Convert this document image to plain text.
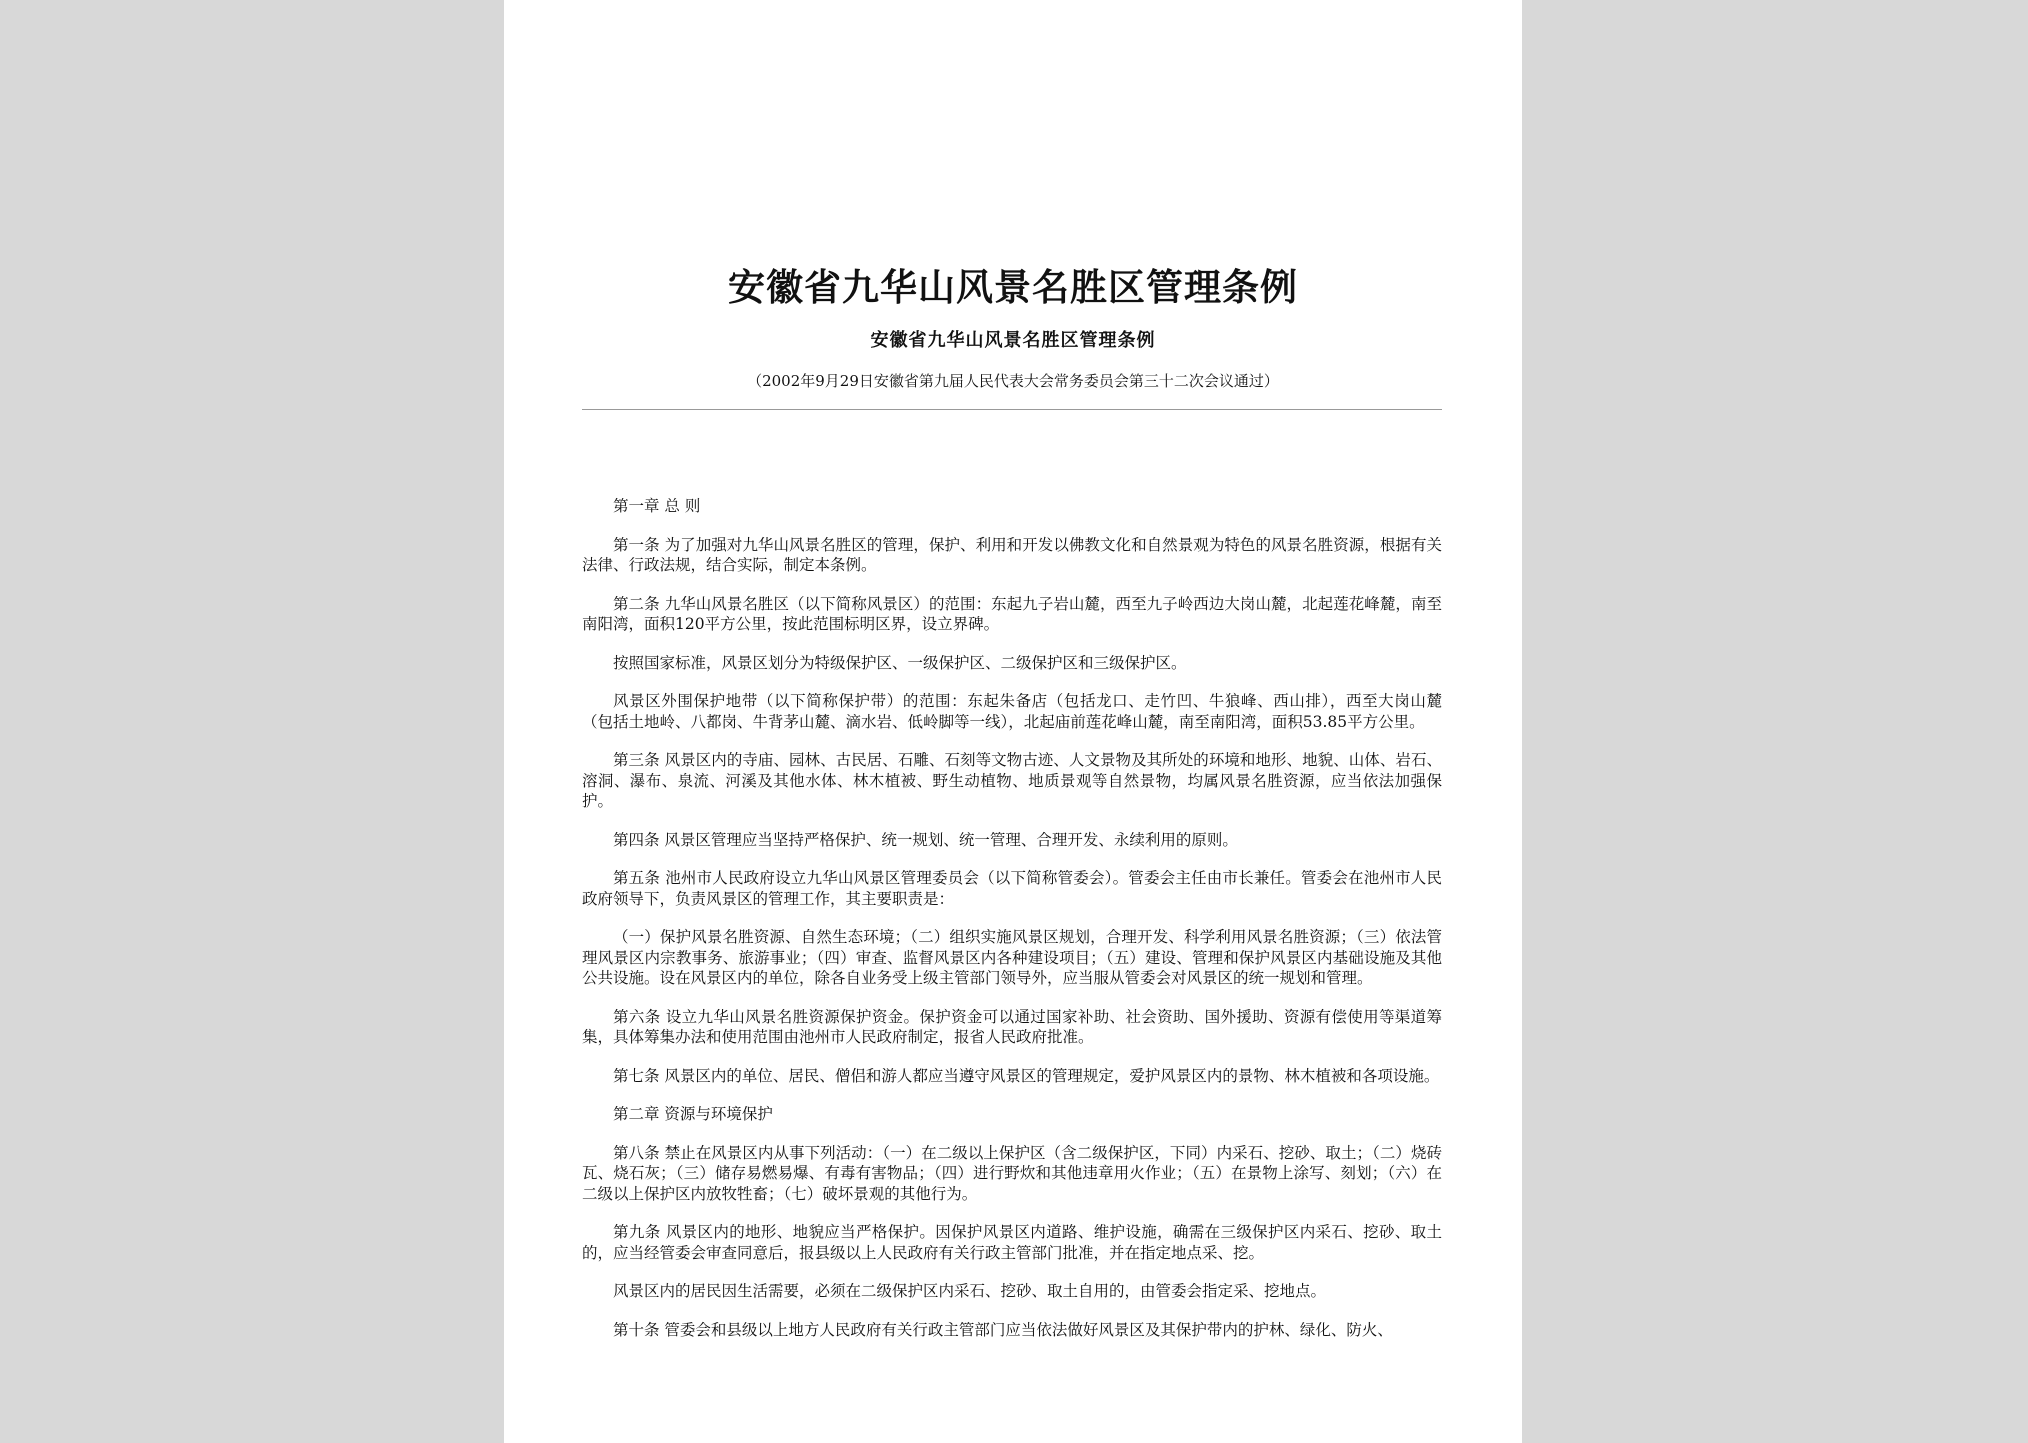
安徽省九华山风景名胜区管理条例
安徽省九华山风景名胜区管理条例
（2002年9月29日安徽省第九届人民代表大会常务委员会第三十二次会议通过）

第一章 总 则

第一条 为了加强对九华山风景名胜区的管理，保护、利用和开发以佛教文化和自然景观为特色的风景名胜资源，根据有关法律、行政法规，结合实际，制定本条例。

第二条 九华山风景名胜区（以下简称风景区）的范围：东起九子岩山麓，西至九子岭西边大岗山麓，北起莲花峰麓，南至南阳湾，面积120平方公里，按此范围标明区界，设立界碑。

按照国家标准，风景区划分为特级保护区、一级保护区、二级保护区和三级保护区。

风景区外围保护地带（以下简称保护带）的范围：东起朱备店（包括龙口、走竹凹、牛狼峰、西山排），西至大岗山麓（包括土地岭、八都岗、牛背茅山麓、滴水岩、低岭脚等一线），北起庙前莲花峰山麓，南至南阳湾，面积53.85平方公里。

第三条 风景区内的寺庙、园林、古民居、石雕、石刻等文物古迹、人文景物及其所处的环境和地形、地貌、山体、岩石、溶洞、瀑布、泉流、河溪及其他水体、林木植被、野生动植物、地质景观等自然景物，均属风景名胜资源，应当依法加强保护。

第四条 风景区管理应当坚持严格保护、统一规划、统一管理、合理开发、永续利用的原则。

第五条 池州市人民政府设立九华山风景区管理委员会（以下简称管委会）。管委会主任由市长兼任。管委会在池州市人民政府领导下，负责风景区的管理工作，其主要职责是：

（一）保护风景名胜资源、自然生态环境；（二）组织实施风景区规划，合理开发、科学利用风景名胜资源；（三）依法管理风景区内宗教事务、旅游事业；（四）审查、监督风景区内各种建设项目；（五）建设、管理和保护风景区内基础设施及其他公共设施。设在风景区内的单位，除各自业务受上级主管部门领导外，应当服从管委会对风景区的统一规划和管理。

第六条 设立九华山风景名胜资源保护资金。保护资金可以通过国家补助、社会资助、国外援助、资源有偿使用等渠道筹集，具体筹集办法和使用范围由池州市人民政府制定，报省人民政府批准。

第七条 风景区内的单位、居民、僧侣和游人都应当遵守风景区的管理规定，爱护风景区内的景物、林木植被和各项设施。

第二章 资源与环境保护

第八条 禁止在风景区内从事下列活动：（一）在二级以上保护区（含二级保护区，下同）内采石、挖砂、取土；（二）烧砖瓦、烧石灰；（三）储存易燃易爆、有毒有害物品；（四）进行野炊和其他违章用火作业；（五）在景物上涂写、刻划；（六）在二级以上保护区内放牧牲畜；（七）破坏景观的其他行为。

第九条 风景区内的地形、地貌应当严格保护。因保护风景区内道路、维护设施，确需在三级保护区内采石、挖砂、取土的，应当经管委会审查同意后，报县级以上人民政府有关行政主管部门批准，并在指定地点采、挖。

风景区内的居民因生活需要，必须在二级保护区内采石、挖砂、取土自用的，由管委会指定采、挖地点。

第十条 管委会和县级以上地方人民政府有关行政主管部门应当依法做好风景区及其保护带内的护林、绿化、防火、
